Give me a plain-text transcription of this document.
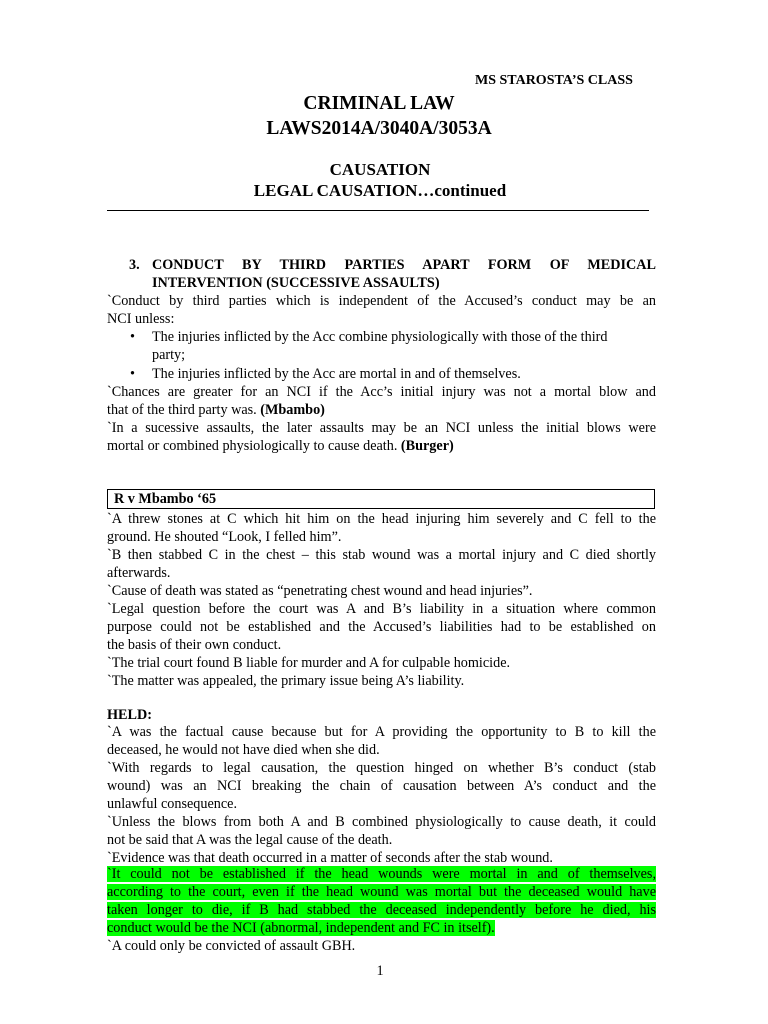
MS STAROSTA’S CLASS
CRIMINAL LAW
LAWS2014A/3040A/3053A
CAUSATION
LEGAL CAUSATION…continued
3. CONDUCT BY THIRD PARTIES APART FORM OF MEDICAL
INTERVENTION (SUCCESSIVE ASSAULTS)
`Conduct by third parties which is independent of the Accused’s conduct may be an
NCI unless:
• The injuries inflicted by the Acc combine physiologically with those of the third
party;
• The injuries inflicted by the Acc are mortal in and of themselves.
`Chances are greater for an NCI if the Acc’s initial injury was not a mortal blow and
that of the third party was. (Mbambo)
`In a sucessive assaults, the later assaults may be an NCI unless the initial blows were
mortal or combined physiologically to cause death. (Burger)
R v Mbambo ‘65
`A threw stones at C which hit him on the head injuring him severely and C fell to the
ground. He shouted “Look, I felled him”.
`B then stabbed C in the chest – this stab wound was a mortal injury and C died shortly
afterwards.
`Cause of death was stated as “penetrating chest wound and head injuries”.
`Legal question before the court was A and B’s liability in a situation where common
purpose could not be established and the Accused’s liabilities had to be established on
the basis of their own conduct.
`The trial court found B liable for murder and A for culpable homicide.
`The matter was appealed, the primary issue being A’s liability.
HELD:
`A was the factual cause because but for A providing the opportunity to B to kill the
deceased, he would not have died when she did.
`With regards to legal causation, the question hinged on whether B’s conduct (stab
wound) was an NCI breaking the chain of causation between A’s conduct and the
unlawful consequence.
`Unless the blows from both A and B combined physiologically to cause death, it could
not be said that A was the legal cause of the death.
`Evidence was that death occurred in a matter of seconds after the stab wound.
`It could not be established if the head wounds were mortal in and of themselves,
according to the court, even if the head wound was mortal but the deceased would have
taken longer to die, if B had stabbed the deceased independently before he died, his
conduct would be the NCI (abnormal, independent and FC in itself).
`A could only be convicted of assault GBH.
1
